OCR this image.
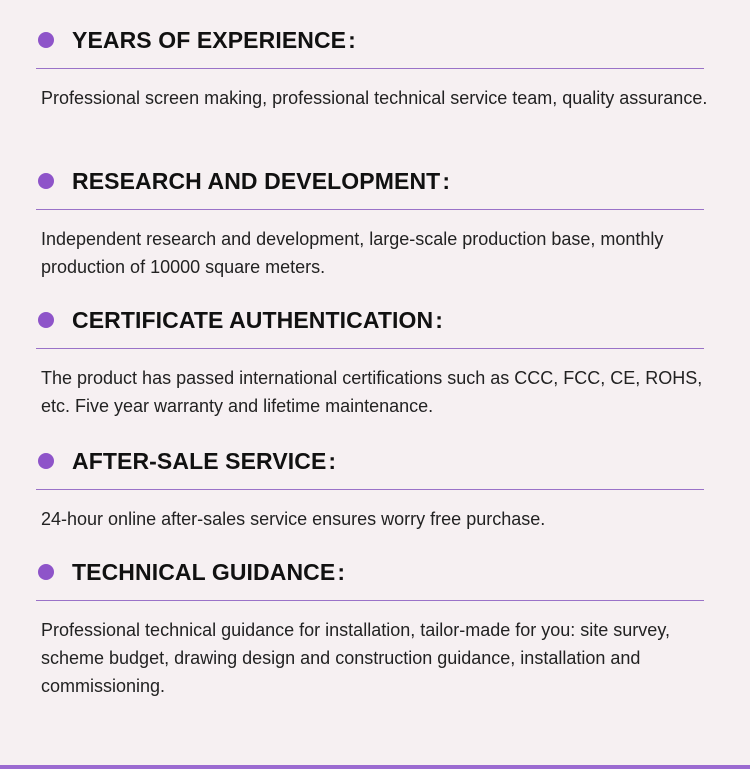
YEARS OF EXPERIENCE:
Professional screen making, professional technical service team, quality assurance.
RESEARCH AND DEVELOPMENT:
Independent research and development, large-scale production base, monthly production of 10000 square meters.
CERTIFICATE AUTHENTICATION:
The product has passed international certifications such as CCC, FCC, CE, ROHS, etc. Five year warranty and lifetime maintenance.
AFTER-SALE SERVICE:
24-hour online after-sales service ensures worry free purchase.
TECHNICAL GUIDANCE:
Professional technical guidance for installation, tailor-made for you: site survey, scheme budget, drawing design and construction guidance, installation and commissioning.
